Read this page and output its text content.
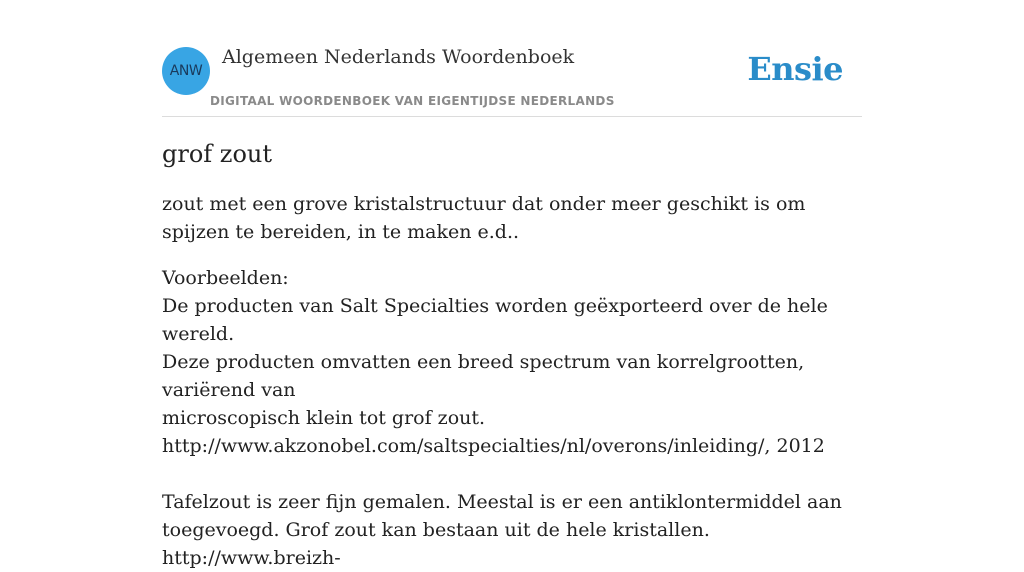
ANW
Algemeen Nederlands Woordenboek
DIGITAAL WOORDENBOEK VAN EIGENTIJDSE NEDERLANDS
Ensie
grof zout

zout met een grove kristalstructuur dat onder meer geschikt is om spijzen te bereiden, in te maken e.d..

Voorbeelden:
De producten van Salt Specialties worden geëxporteerd over de hele wereld.
Deze producten omvatten een breed spectrum van korrelgrootten, variërend van
microscopisch klein tot grof zout.
http://www.akzonobel.com/saltspecialties/nl/overons/inleiding/, 2012
Tafelzout is zeer fijn gemalen. Meestal is er een antiklontermiddel aan
toegevoegd. Grof zout kan bestaan uit de hele kristallen.
http://www.breizh-
